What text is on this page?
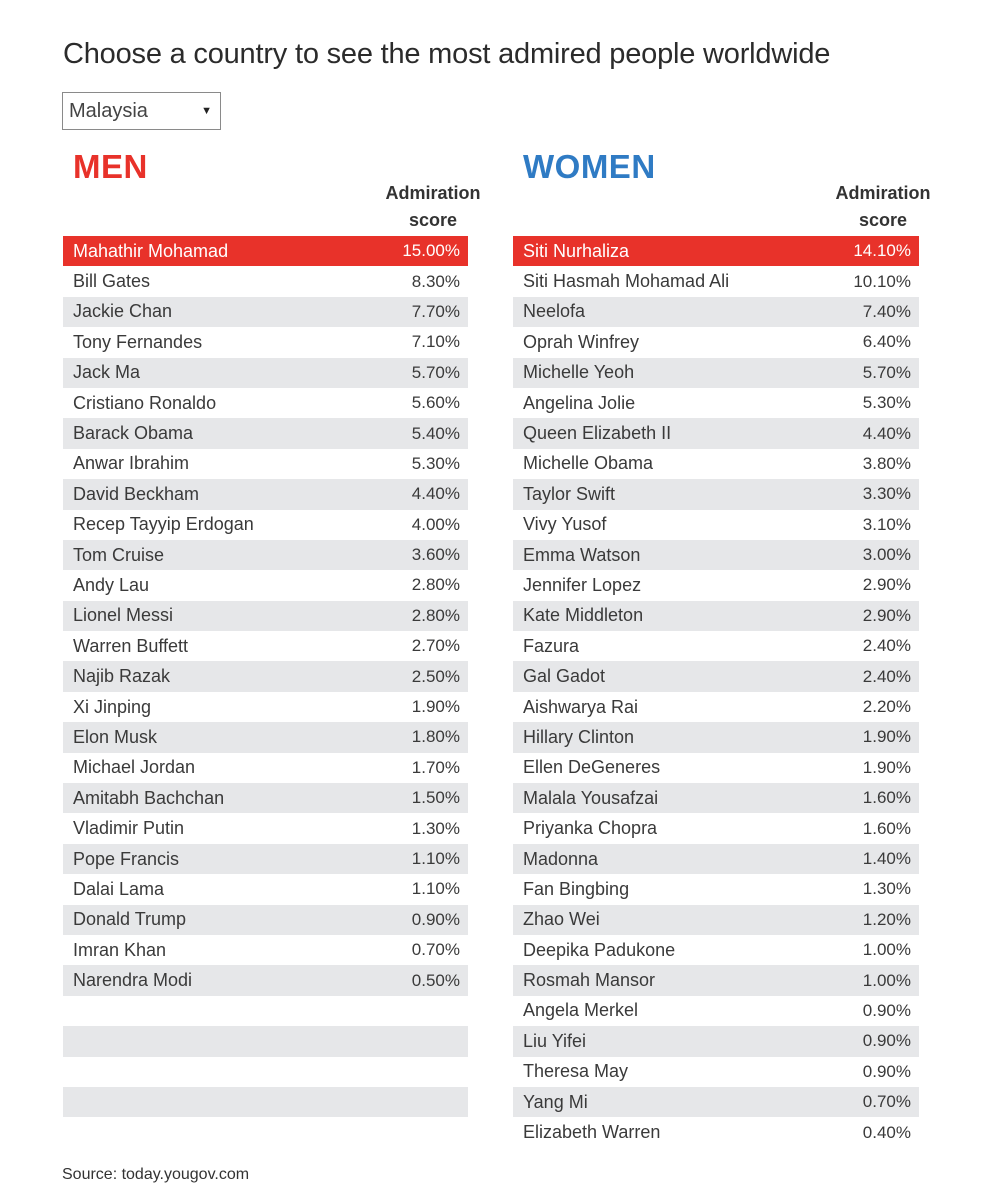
Choose a country to see the most admired people worldwide
Malaysia	▼
MEN
Admiration
score
Mahathir Mohamad	15.00%
Bill Gates	8.30%
Jackie Chan	7.70%
Tony Fernandes	7.10%
Jack Ma	5.70%
Cristiano Ronaldo	5.60%
Barack Obama	5.40%
Anwar Ibrahim	5.30%
David Beckham	4.40%
Recep Tayyip Erdogan	4.00%
Tom Cruise	3.60%
Andy Lau	2.80%
Lionel Messi	2.80%
Warren Buffett	2.70%
Najib Razak	2.50%
Xi Jinping	1.90%
Elon Musk	1.80%
Michael Jordan	1.70%
Amitabh Bachchan	1.50%
Vladimir Putin	1.30%
Pope Francis	1.10%
Dalai Lama	1.10%
Donald Trump	0.90%
Imran Khan	0.70%
Narendra Modi	0.50%
WOMEN
Admiration
score
Siti Nurhaliza	14.10%
Siti Hasmah Mohamad Ali	10.10%
Neelofa	7.40%
Oprah Winfrey	6.40%
Michelle Yeoh	5.70%
Angelina Jolie	5.30%
Queen Elizabeth II	4.40%
Michelle Obama	3.80%
Taylor Swift	3.30%
Vivy Yusof	3.10%
Emma Watson	3.00%
Jennifer Lopez	2.90%
Kate Middleton	2.90%
Fazura	2.40%
Gal Gadot	2.40%
Aishwarya Rai	2.20%
Hillary Clinton	1.90%
Ellen DeGeneres	1.90%
Malala Yousafzai	1.60%
Priyanka Chopra	1.60%
Madonna	1.40%
Fan Bingbing	1.30%
Zhao Wei	1.20%
Deepika Padukone	1.00%
Rosmah Mansor	1.00%
Angela Merkel	0.90%
Liu Yifei	0.90%
Theresa May	0.90%
Yang Mi	0.70%
Elizabeth Warren	0.40%
Source: today.yougov.com
